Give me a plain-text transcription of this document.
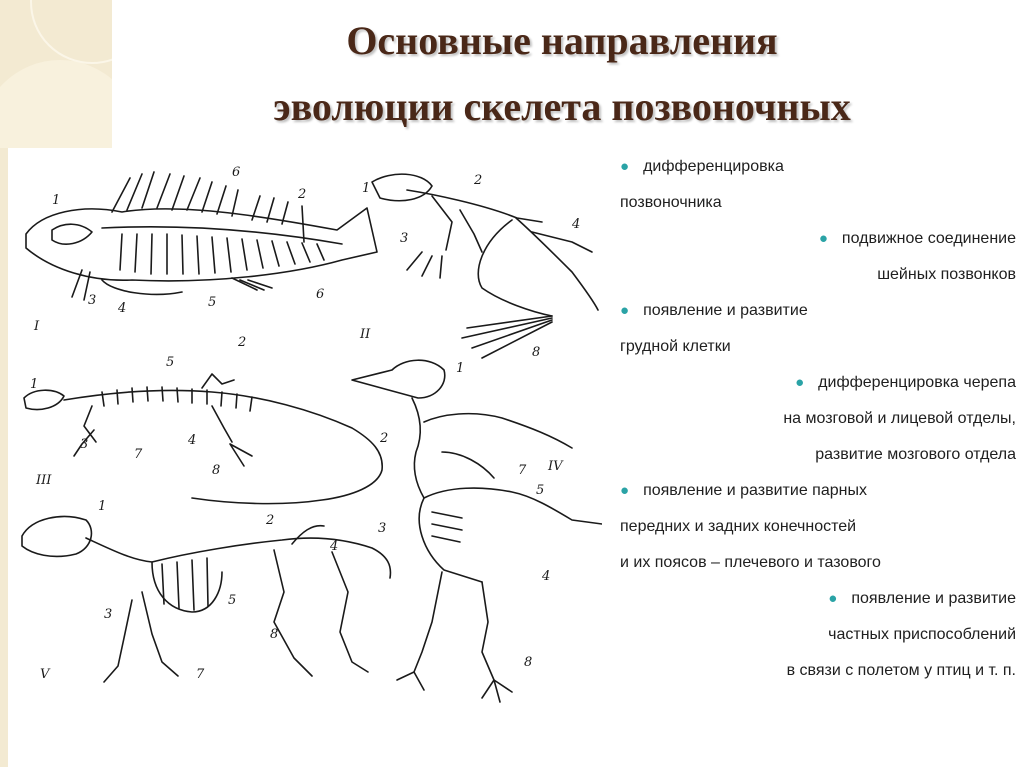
Основные направления
эволюции скелета позвоночных
I
II
III
IV
V
1
6
2
3
4	5
6
1
2
3
4
8
1
5
2
3	4
7
8
1
2
7
5
3
4
8
1
2
4
3
5
8
7
● дифференцировка
позвоночника
● подвижное соединение
шейных позвонков
● появление и развитие
грудной клетки
● дифференцировка черепа
на мозговой и лицевой отделы,
развитие мозгового отдела
● появление и развитие парных
передних и задних конечностей
и их поясов – плечевого и тазового
● появление и развитие
частных приспособлений
в связи с полетом у птиц и т. п.
